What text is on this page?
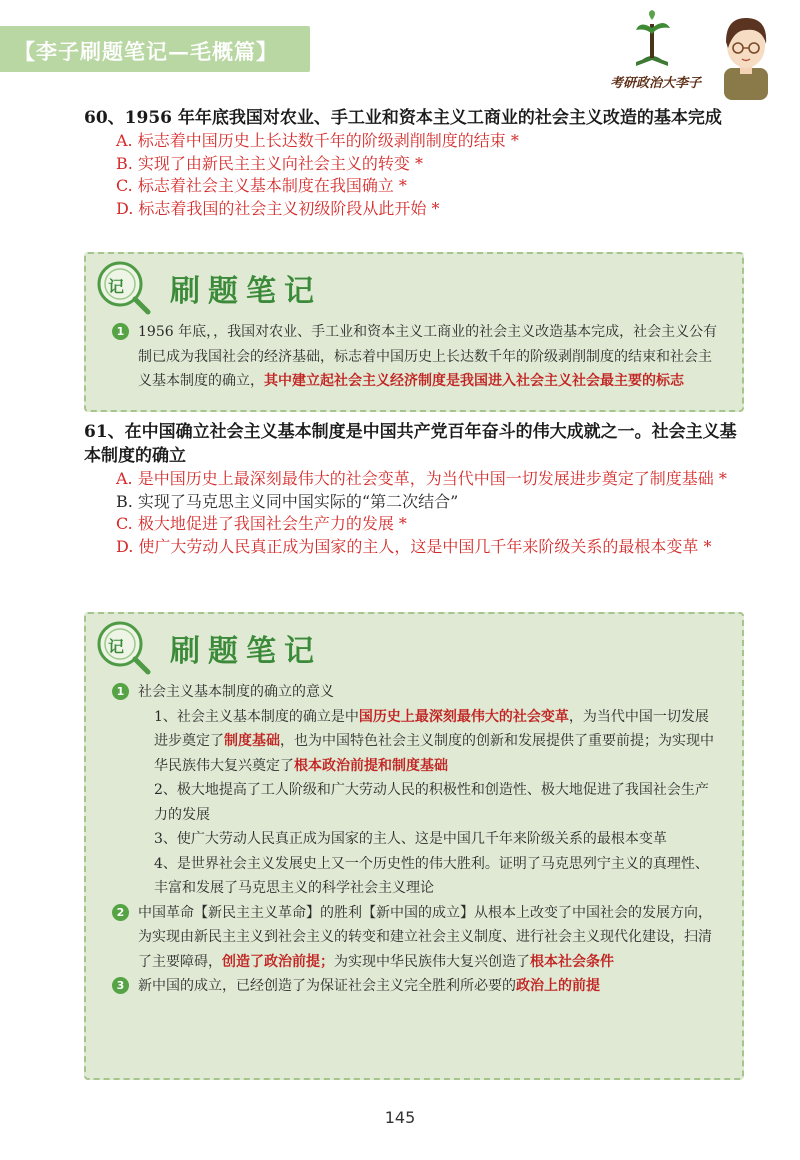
【李子刷题笔记—毛概篇】
考研政治大李子
60、1956 年年底我国对农业、手工业和资本主义工商业的社会主义改造的基本完成
A. 标志着中国历史上长达数千年的阶级剥削制度的结束 *
B. 实现了由新民主主义向社会主义的转变 *
C. 标志着社会主义基本制度在我国确立 *
D. 标志着我国的社会主义初级阶段从此开始 *
记 刷题笔记
1 1956 年底，，我国对农业、手工业和资本主义工商业的社会主义改造基本完成，社会主义公有制已成为我国社会的经济基础，标志着中国历史上长达数千年的阶级剥削制度的结束和社会主义基本制度的确立，其中建立起社会主义经济制度是我国进入社会主义社会最主要的标志
61、在中国确立社会主义基本制度是中国共产党百年奋斗的伟大成就之一。社会主义基本制度的确立
A. 是中国历史上最深刻最伟大的社会变革，为当代中国一切发展进步奠定了制度基础 *
B. 实现了马克思主义同中国实际的“第二次结合”
C. 极大地促进了我国社会生产力的发展 *
D. 使广大劳动人民真正成为国家的主人，这是中国几千年来阶级关系的最根本变革 *
记 刷题笔记
1 社会主义基本制度的确立的意义
1、社会主义基本制度的确立是中国历史上最深刻最伟大的社会变革，为当代中国一切发展进步奠定了制度基础，也为中国特色社会主义制度的创新和发展提供了重要前提；为实现中华民族伟大复兴奠定了根本政治前提和制度基础
2、极大地提高了工人阶级和广大劳动人民的积极性和创造性、极大地促进了我国社会生产力的发展
3、使广大劳动人民真正成为国家的主人、这是中国几千年来阶级关系的最根本变革
4、是世界社会主义发展史上又一个历史性的伟大胜利。证明了马克思列宁主义的真理性、丰富和发展了马克思主义的科学社会主义理论
2 中国革命【新民主主义革命】的胜利【新中国的成立】从根本上改变了中国社会的发展方向，为实现由新民主主义到社会主义的转变和建立社会主义制度、进行社会主义现代化建设，扫清了主要障碍，创造了政治前提；为实现中华民族伟大复兴创造了根本社会条件
3 新中国的成立，已经创造了为保证社会主义完全胜利所必要的政治上的前提
145
